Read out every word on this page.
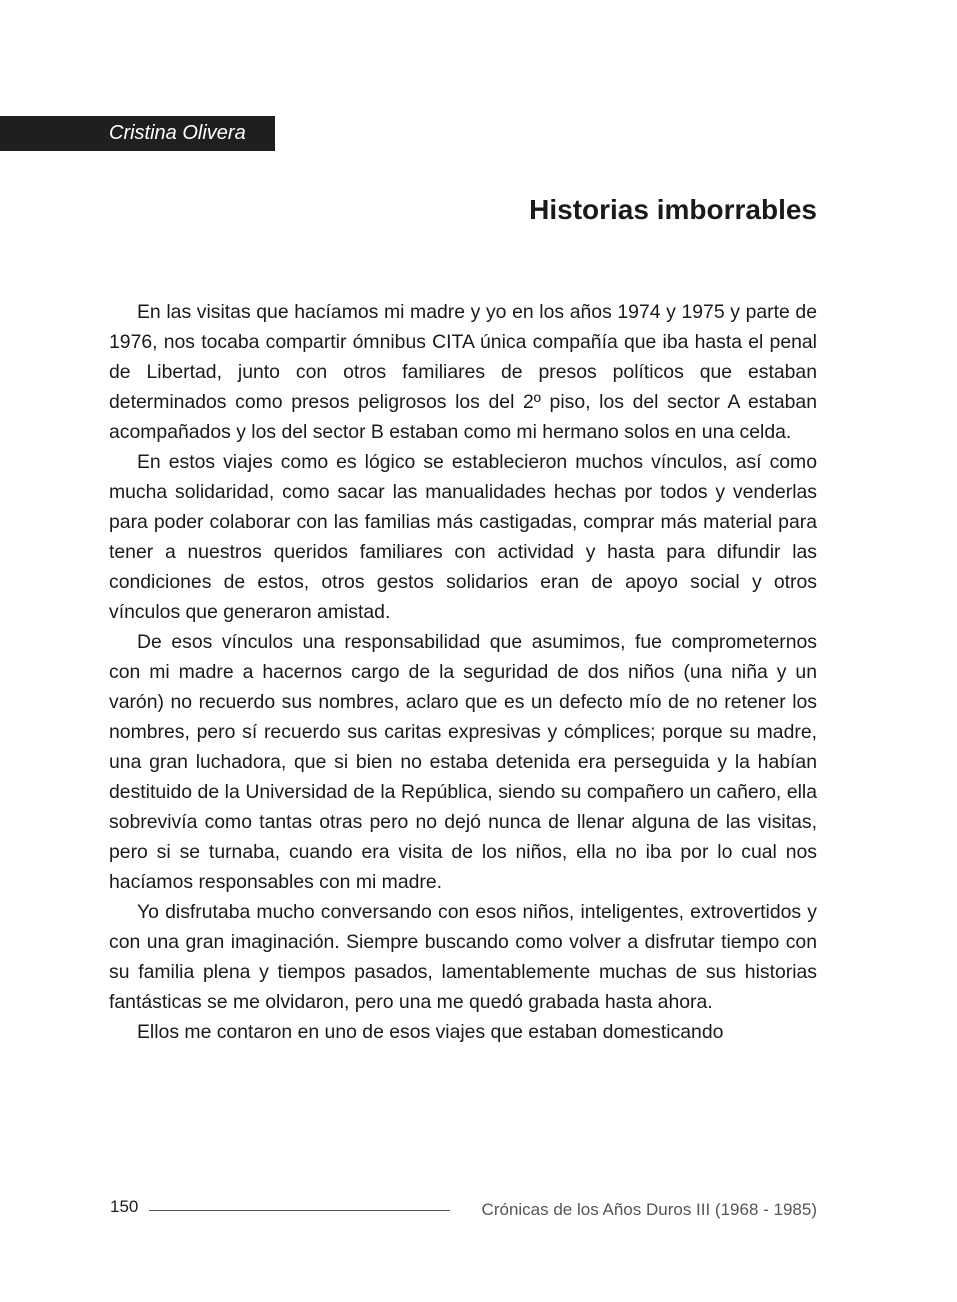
Cristina Olivera
Historias imborrables

En las visitas que hacíamos mi madre y yo en los años 1974 y 1975 y parte de 1976, nos tocaba compartir ómnibus CITA única compañía que iba hasta el penal de Libertad, junto con otros familiares de presos políticos que estaban determinados como presos peligrosos los del 2º piso, los del sector A estaban acompañados y los del sector B estaban como mi hermano solos en una celda.

En estos viajes como es lógico se establecieron muchos vínculos, así como mucha solidaridad, como sacar las manualidades hechas por todos y venderlas para poder colaborar con las familias más castigadas, comprar más material para tener a nuestros queridos familiares con actividad y hasta para difundir las condiciones de estos, otros gestos solidarios eran de apoyo social y otros vínculos que generaron amistad.

De esos vínculos una responsabilidad que asumimos, fue comprometernos con mi madre a hacernos cargo de la seguridad de dos niños (una niña y un varón) no recuerdo sus nombres, aclaro que es un defecto mío de no retener los nombres, pero sí recuerdo sus caritas expresivas y cómplices; porque su madre, una gran luchadora, que si bien no estaba detenida era perseguida y la habían destituido de la Universidad de la República, siendo su compañero un cañero, ella sobrevivía como tantas otras pero no dejó nunca de llenar alguna de las visitas, pero si se turnaba, cuando era visita de los niños, ella no iba por lo cual nos hacíamos responsables con mi madre.

Yo disfrutaba mucho conversando con esos niños, inteligentes, extrovertidos y con una gran imaginación. Siempre buscando como volver a disfrutar tiempo con su familia plena y tiempos pasados, lamentablemente muchas de sus historias fantásticas se me olvidaron, pero una me quedó grabada hasta ahora.

Ellos me contaron en uno de esos viajes que estaban domesticando

150	Crónicas de los Años Duros III (1968 - 1985)
